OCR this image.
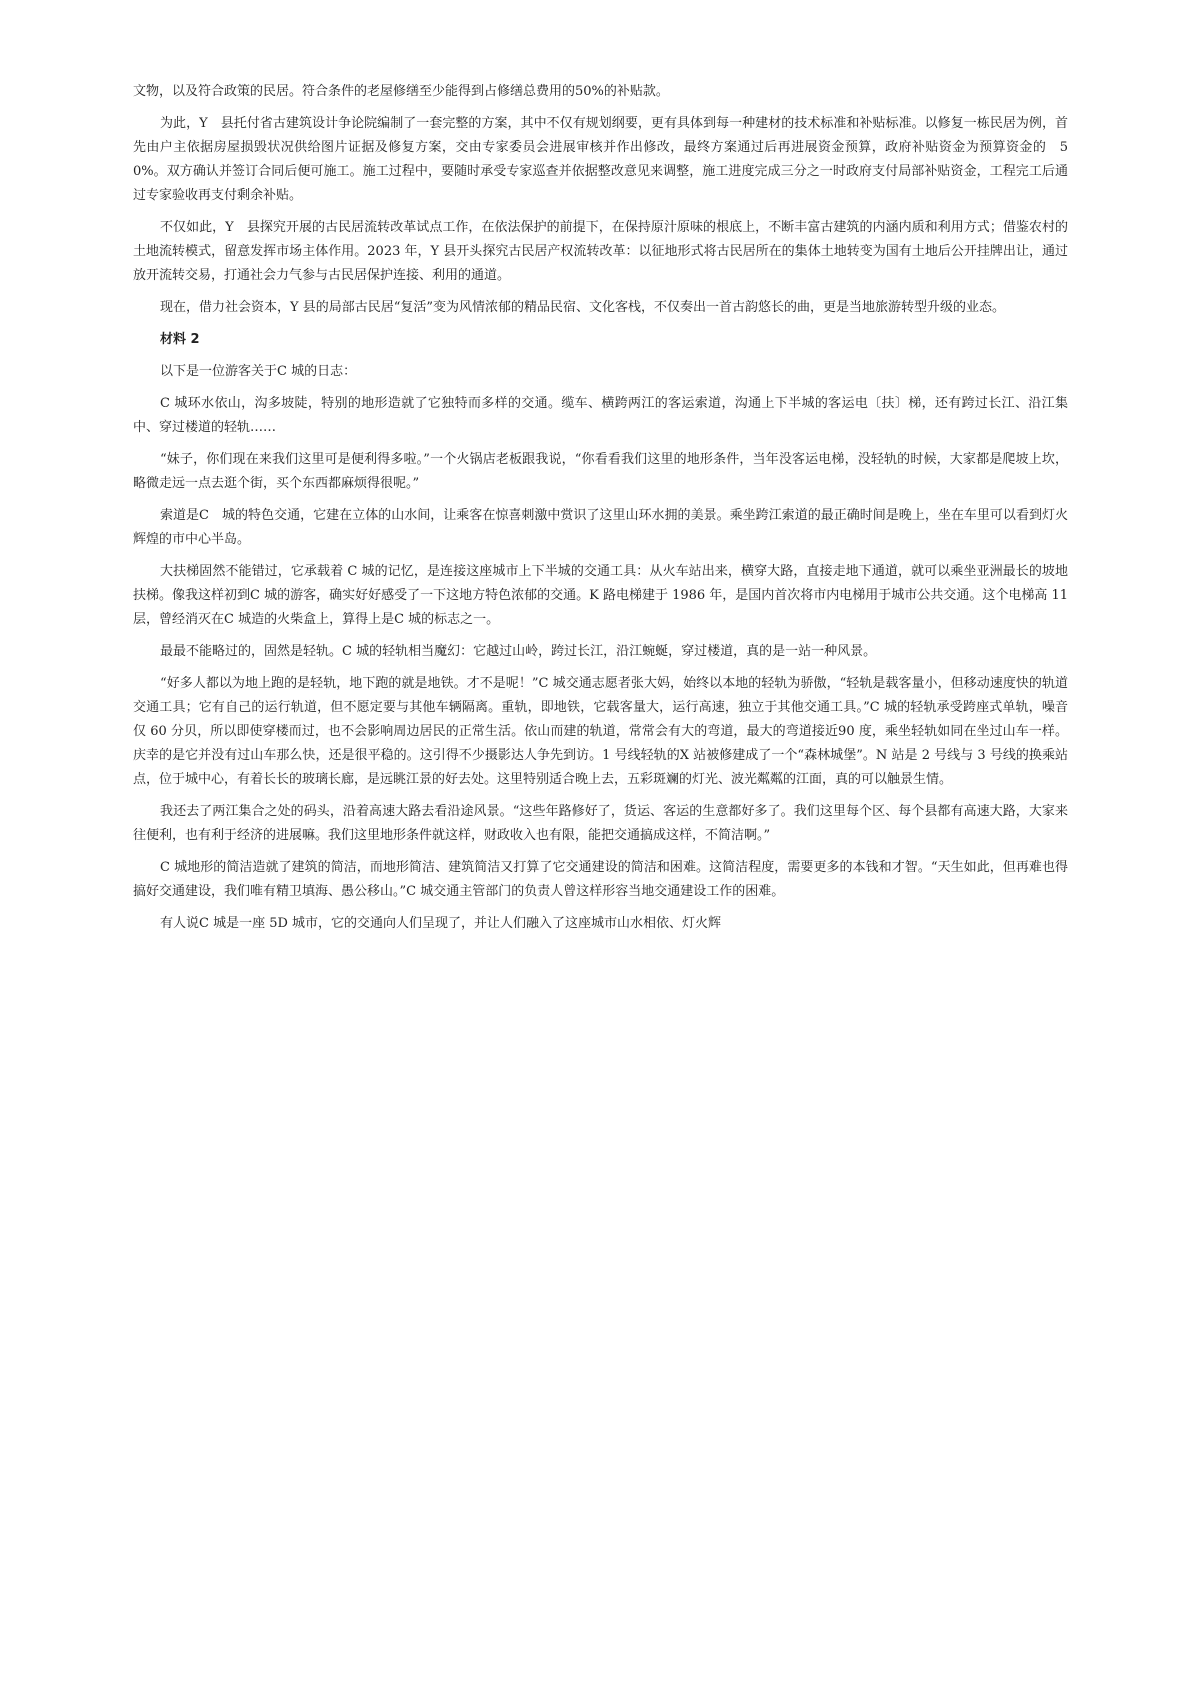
文物，以及符合政策的民居。符合条件的老屋修缮至少能得到占修缮总费用的50%的补贴款。

为此，Y　县托付省古建筑设计争论院编制了一套完整的方案，其中不仅有规划纲要，更有具体到每一种建材的技术标准和补贴标准。以修复一栋民居为例，首先由户主依据房屋损毁状况供给图片证据及修复方案，交由专家委员会进展审核并作出修改，最终方案通过后再进展资金预算，政府补贴资金为预算资金的　50%。双方确认并签订合同后便可施工。施工过程中，要随时承受专家巡查并依据整改意见来调整，施工进度完成三分之一时政府支付局部补贴资金，工程完工后通过专家验收再支付剩余补贴。

不仅如此，Y　县探究开展的古民居流转改革试点工作，在依法保护的前提下，在保持原汁原味的根底上，不断丰富古建筑的内涵内质和利用方式；借鉴农村的土地流转模式，留意发挥市场主体作用。2023 年，Y 县开头探究古民居产权流转改革：以征地形式将古民居所在的集体土地转变为国有土地后公开挂牌出让，通过放开流转交易，打通社会力气参与古民居保护连接、利用的通道。

现在，借力社会资本，Y 县的局部古民居“复活”变为风情浓郁的精品民宿、文化客栈，不仅奏出一首古韵悠长的曲，更是当地旅游转型升级的业态。

材料 2

以下是一位游客关于C 城的日志：

C 城环水依山，沟多坡陡，特别的地形造就了它独特而多样的交通。缆车、横跨两江的客运索道，沟通上下半城的客运电〔扶〕梯，还有跨过长江、沿江集中、穿过楼道的轻轨……

“妹子，你们现在来我们这里可是便利得多啦。”一个火锅店老板跟我说，“你看看我们这里的地形条件，当年没客运电梯，没轻轨的时候，大家都是爬坡上坎，略微走远一点去逛个街，买个东西都麻烦得很呢。”

索道是C　城的特色交通，它建在立体的山水间，让乘客在惊喜刺激中赏识了这里山环水拥的美景。乘坐跨江索道的最正确时间是晚上，坐在车里可以看到灯火辉煌的市中心半岛。

大扶梯固然不能错过，它承载着 C 城的记忆，是连接这座城市上下半城的交通工具：从火车站出来，横穿大路，直接走地下通道，就可以乘坐亚洲最长的坡地扶梯。像我这样初到C 城的游客，确实好好感受了一下这地方特色浓郁的交通。K 路电梯建于 1986 年，是国内首次将市内电梯用于城市公共交通。这个电梯高 11 层，曾经消灭在C 城造的火柴盒上，算得上是C 城的标志之一。

最最不能略过的，固然是轻轨。C 城的轻轨相当魔幻：它越过山岭，跨过长江，沿江蜿蜒，穿过楼道，真的是一站一种风景。

“好多人都以为地上跑的是轻轨，地下跑的就是地铁。才不是呢！”C 城交通志愿者张大妈，始终以本地的轻轨为骄傲，“轻轨是载客量小，但移动速度快的轨道交通工具；它有自己的运行轨道，但不愿定要与其他车辆隔离。重轨，即地铁，它载客量大，运行高速，独立于其他交通工具。”C 城的轻轨承受跨座式单轨，噪音仅 60 分贝，所以即使穿楼而过，也不会影响周边居民的正常生活。依山而建的轨道，常常会有大的弯道，最大的弯道接近90 度，乘坐轻轨如同在坐过山车一样。庆幸的是它并没有过山车那么快，还是很平稳的。这引得不少摄影达人争先到访。1 号线轻轨的X 站被修建成了一个“森林城堡”。N 站是 2 号线与 3 号线的换乘站点，位于城中心，有着长长的玻璃长廊，是远眺江景的好去处。这里特别适合晚上去，五彩斑斓的灯光、波光粼粼的江面，真的可以触景生情。

我还去了两江集合之处的码头，沿着高速大路去看沿途风景。“这些年路修好了，货运、客运的生意都好多了。我们这里每个区、每个县都有高速大路，大家来往便利，也有利于经济的进展嘛。我们这里地形条件就这样，财政收入也有限，能把交通搞成这样，不简洁啊。”

C 城地形的简洁造就了建筑的简洁，而地形简洁、建筑简洁又打算了它交通建设的简洁和困难。这简洁程度，需要更多的本钱和才智。“天生如此，但再难也得搞好交通建设，我们唯有精卫填海、愚公移山。”C 城交通主管部门的负责人曾这样形容当地交通建设工作的困难。

有人说C 城是一座 5D 城市，它的交通向人们呈现了，并让人们融入了这座城市山水相依、灯火辉
